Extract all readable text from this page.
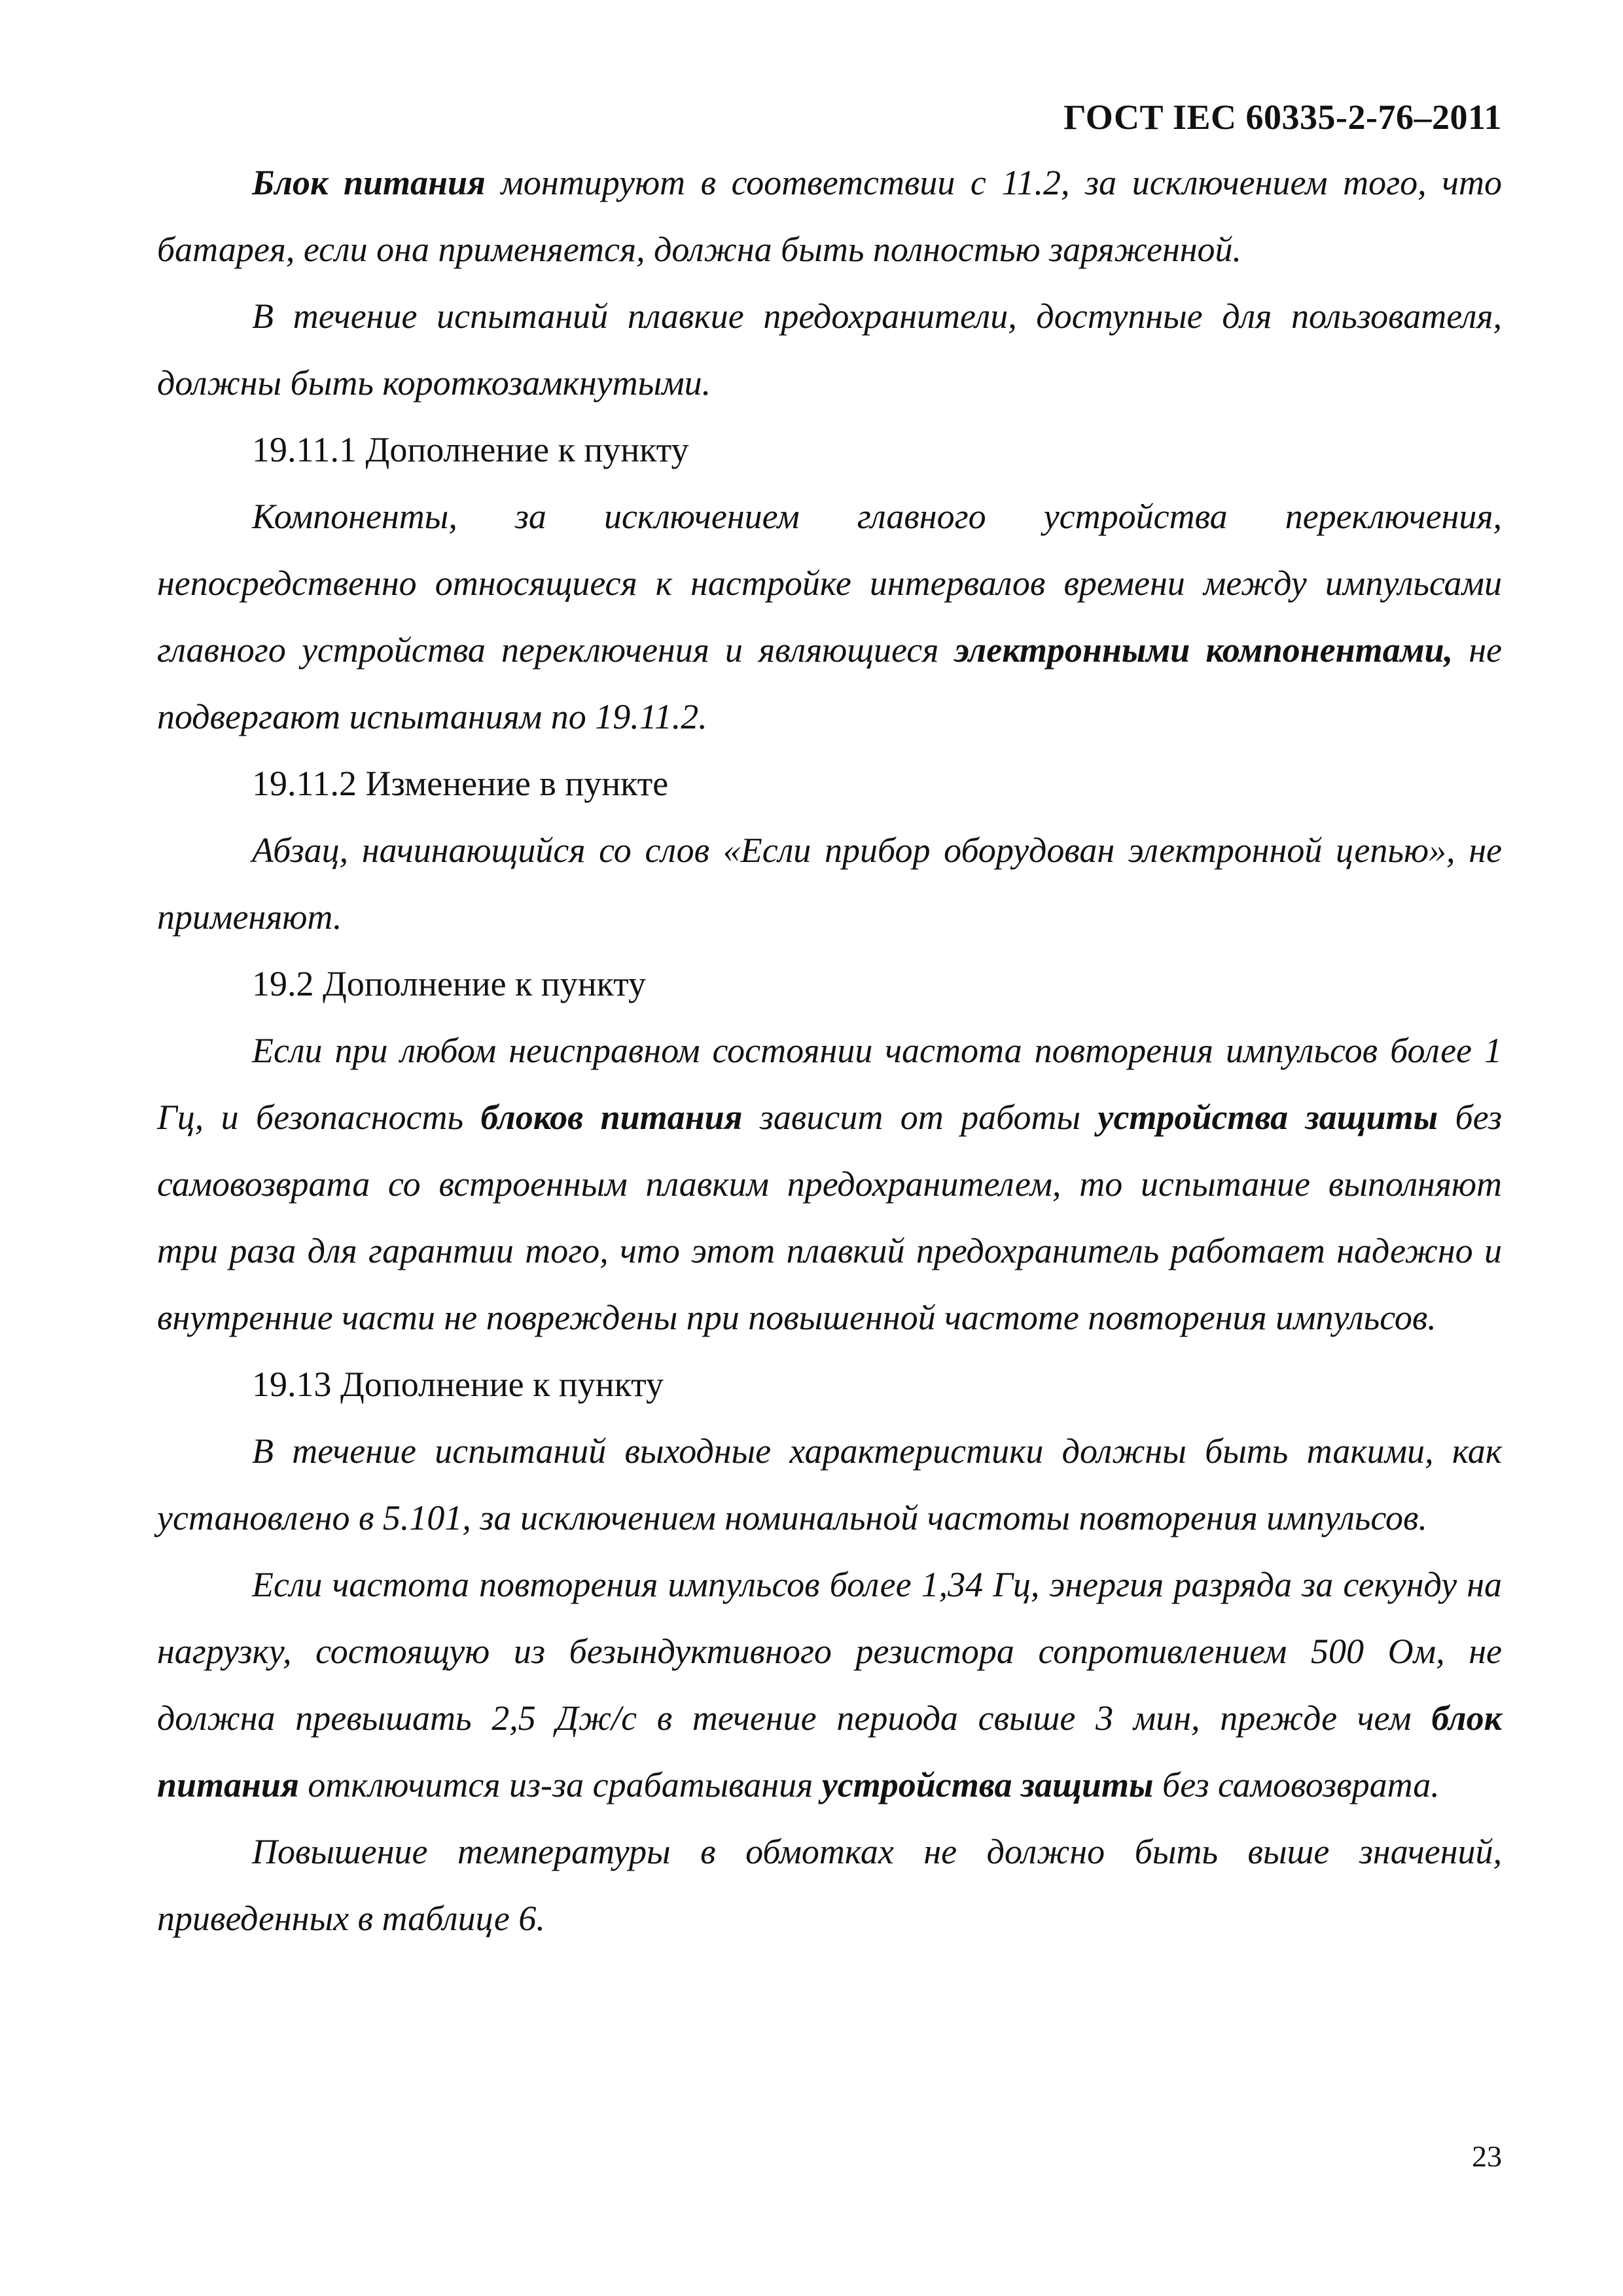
ГОСТ IEC 60335-2-76–2011

Блок питания монтируют в соответствии с 11.2, за исключением того, что батарея, если она применяется, должна быть полностью заряженной.

В течение испытаний плавкие предохранители, доступные для пользователя, должны быть короткозамкнутыми.

19.11.1 Дополнение к пункту

Компоненты, за исключением главного устройства переключения, непосредственно относящиеся к настройке интервалов времени между импульсами главного устройства переключения и являющиеся электронными компонентами, не подвергают испытаниям по 19.11.2.

19.11.2 Изменение в пункте

Абзац, начинающийся со слов «Если прибор оборудован электронной цепью», не применяют.

19.2 Дополнение к пункту

Если при любом неисправном состоянии частота повторения импульсов более 1 Гц, и безопасность блоков питания зависит от работы устройства защиты без самовозврата со встроенным плавким предохранителем, то испытание выполняют три раза для гарантии того, что этот плавкий предохранитель работает надежно и внутренние части не повреждены при повышенной частоте повторения импульсов.

19.13 Дополнение к пункту

В течение испытаний выходные характеристики должны быть такими, как установлено в 5.101, за исключением номинальной частоты повторения импульсов.

Если частота повторения импульсов более 1,34 Гц, энергия разряда за секунду на нагрузку, состоящую из безындуктивного резистора сопротивлением 500 Ом, не должна превышать 2,5 Дж/с в течение периода свыше 3 мин, прежде чем блок питания отключится из-за срабатывания устройства защиты без самовозврата.

Повышение температуры в обмотках не должно быть выше значений, приведенных в таблице 6.

23
